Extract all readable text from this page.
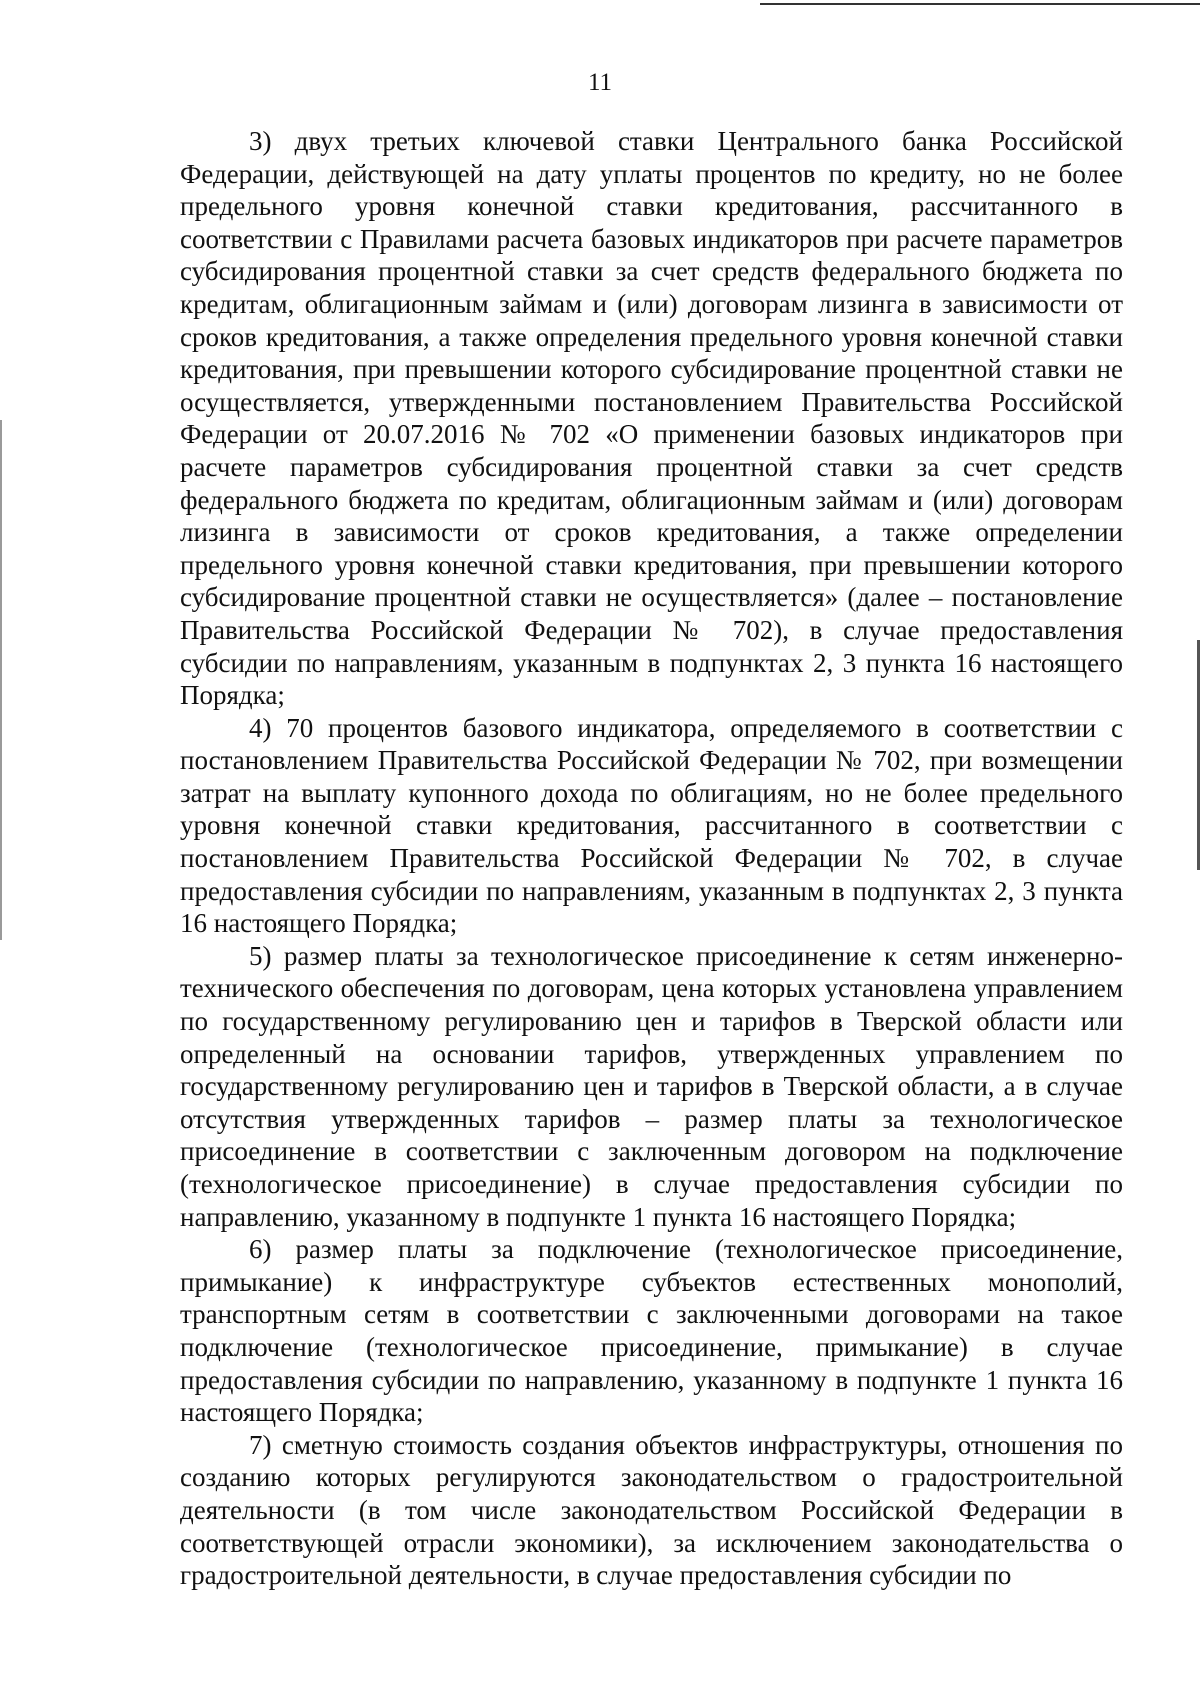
11

3) двух третьих ключевой ставки Центрального банка Российской Федерации, действующей на дату уплаты процентов по кредиту, но не более предельного уровня конечной ставки кредитования, рассчитанного в соответствии с Правилами расчета базовых индикаторов при расчете параметров субсидирования процентной ставки за счет средств федерального бюджета по кредитам, облигационным займам и (или) договорам лизинга в зависимости от сроков кредитования, а также определения предельного уровня конечной ставки кредитования, при превышении которого субсидирование процентной ставки не осуществляется, утвержденными постановлением Правительства Российской Федерации от 20.07.2016 № 702 «О применении базовых индикаторов при расчете параметров субсидирования процентной ставки за счет средств федерального бюджета по кредитам, облигационным займам и (или) договорам лизинга в зависимости от сроков кредитования, а также определении предельного уровня конечной ставки кредитования, при превышении которого субсидирование процентной ставки не осуществляется» (далее – постановление Правительства Российской Федерации № 702), в случае предоставления субсидии по направлениям, указанным в подпунктах 2, 3 пункта 16 настоящего Порядка;

4) 70 процентов базового индикатора, определяемого в соответствии с постановлением Правительства Российской Федерации № 702, при возмещении затрат на выплату купонного дохода по облигациям, но не более предельного уровня конечной ставки кредитования, рассчитанного в соответствии с постановлением Правительства Российской Федерации № 702, в случае предоставления субсидии по направлениям, указанным в подпунктах 2, 3 пункта 16 настоящего Порядка;

5) размер платы за технологическое присоединение к сетям инженерно-технического обеспечения по договорам, цена которых установлена управлением по государственному регулированию цен и тарифов в Тверской области или определенный на основании тарифов, утвержденных управлением по государственному регулированию цен и тарифов в Тверской области, а в случае отсутствия утвержденных тарифов – размер платы за технологическое присоединение в соответствии с заключенным договором на подключение (технологическое присоединение) в случае предоставления субсидии по направлению, указанному в подпункте 1 пункта 16 настоящего Порядка;

6) размер платы за подключение (технологическое присоединение, примыкание) к инфраструктуре субъектов естественных монополий, транспортным сетям в соответствии с заключенными договорами на такое подключение (технологическое присоединение, примыкание) в случае предоставления субсидии по направлению, указанному в подпункте 1 пункта 16 настоящего Порядка;

7) сметную стоимость создания объектов инфраструктуры, отношения по созданию которых регулируются законодательством о градостроительной деятельности (в том числе законодательством Российской Федерации в соответствующей отрасли экономики), за исключением законодательства о градостроительной деятельности, в случае предоставления субсидии по
